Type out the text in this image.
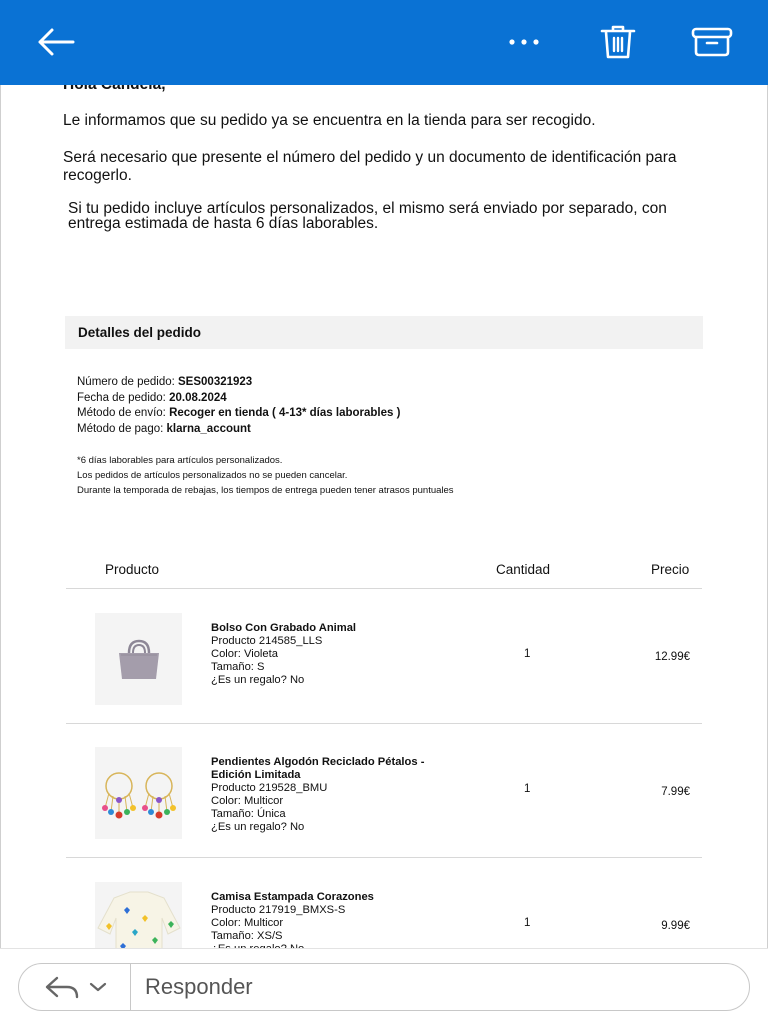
Le informamos que su pedido ya se encuentra en la tienda para ser recogido.
Será necesario que presente el número del pedido y un documento de identificación para recogerlo.
Si tu pedido incluye artículos personalizados, el mismo será enviado por separado, con entrega estimada de hasta 6 días laborables.
Detalles del pedido
Número de pedido: SES00321923
Fecha de pedido: 20.08.2024
Método de envío: Recoger en tienda ( 4-13* días laborables )
Método de pago: klarna_account
*6 días laborables para artículos personalizados.
Los pedidos de artículos personalizados no se pueden cancelar.
Durante la temporada de rebajas, los tiempos de entrega pueden tener atrasos puntuales
Producto	Cantidad	Precio
Bolso Con Grabado Animal
Producto 214585_LLS
Color: Violeta
Tamaño: S
¿Es un regalo? No
1	12.99€
Pendientes Algodón Reciclado Pétalos - Edición Limitada
Producto 219528_BMU
Color: Multicor
Tamaño: Única
¿Es un regalo? No
1	7.99€
Camisa Estampada Corazones
Producto 217919_BMXS-S
Color: Multicor
Tamaño: XS/S
1	9.99€
Responder
